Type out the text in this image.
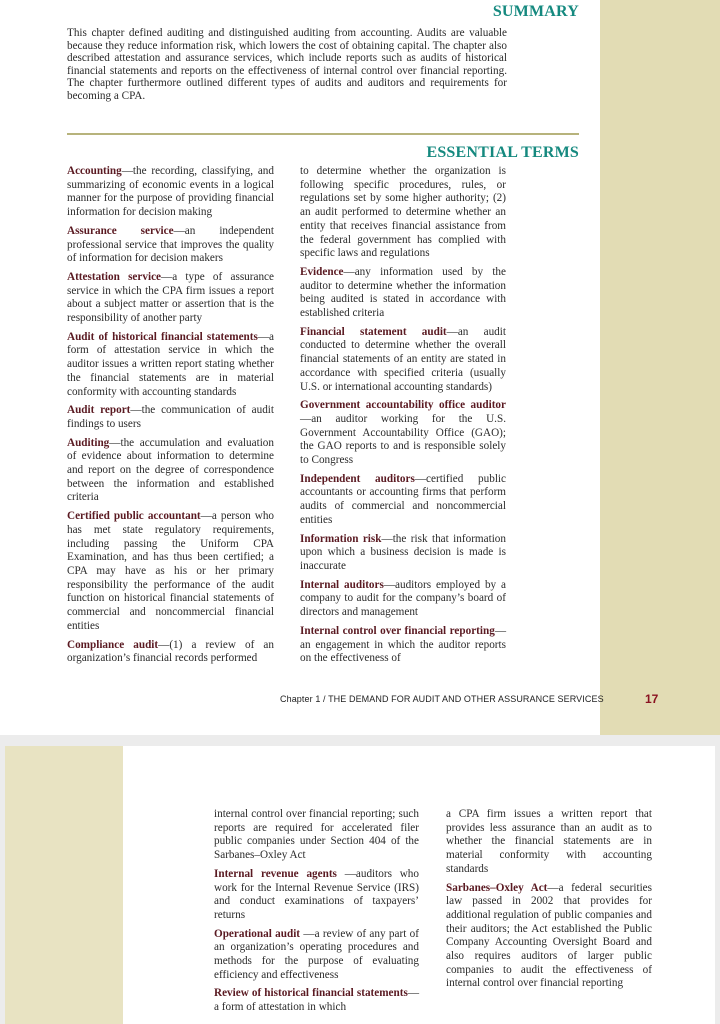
SUMMARY

This chapter defined auditing and distinguished auditing from accounting. Audits are valuable because they reduce information risk, which lowers the cost of obtaining capital. The chapter also described attestation and assurance services, which include reports such as audits of historical financial statements and reports on the effectiveness of internal control over financial reporting. The chapter furthermore outlined different types of audits and auditors and requirements for becoming a CPA.

ESSENTIAL TERMS

Accounting—the recording, classifying, and summarizing of economic events in a logical manner for the purpose of providing financial information for decision making

Assurance service—an independent professional service that improves the quality of information for decision makers

Attestation service—a type of assurance service in which the CPA firm issues a report about a subject matter or assertion that is the responsibility of another party

Audit of historical financial statements—a form of attestation service in which the auditor issues a written report stating whether the financial statements are in material conformity with accounting standards

Audit report—the communication of audit findings to users

Auditing—the accumulation and evaluation of evidence about information to determine and report on the degree of correspondence between the information and established criteria

Certified public accountant—a person who has met state regulatory requirements, including passing the Uniform CPA Examination, and has thus been certified; a CPA may have as his or her primary responsibility the performance of the audit function on historical financial statements of commercial and noncommercial financial entities

Compliance audit—(1) a review of an organization’s financial records performed

to determine whether the organization is following specific procedures, rules, or regulations set by some higher authority; (2) an audit performed to determine whether an entity that receives financial assistance from the federal government has complied with specific laws and regulations

Evidence—any information used by the auditor to determine whether the information being audited is stated in accordance with established criteria

Financial statement audit—an audit conducted to determine whether the overall financial statements of an entity are stated in accordance with specified criteria (usually U.S. or international accounting standards)

Government accountability office auditor—an auditor working for the U.S. Government Accountability Office (GAO); the GAO reports to and is responsible solely to Congress

Independent auditors—certified public accountants or accounting firms that perform audits of commercial and noncommercial entities

Information risk—the risk that information upon which a business decision is made is inaccurate

Internal auditors—auditors employed by a company to audit for the company’s board of directors and management

Internal control over financial reporting—an engagement in which the auditor reports on the effectiveness of

Chapter 1 / THE DEMAND FOR AUDIT AND OTHER ASSURANCE SERVICES	17

internal control over financial reporting; such reports are required for accelerated filer public companies under Section 404 of the Sarbanes–Oxley Act

Internal revenue agents —auditors who work for the Internal Revenue Service (IRS) and conduct examinations of taxpayers’ returns

Operational audit —a review of any part of an organization’s operating procedures and methods for the purpose of evaluating efficiency and effectiveness

Review of historical financial statements—a form of attestation in which

a CPA firm issues a written report that provides less assurance than an audit as to whether the financial statements are in material conformity with accounting standards

Sarbanes–Oxley Act—a federal securities law passed in 2002 that provides for additional regulation of public companies and their auditors; the Act established the Public Company Accounting Oversight Board and also requires auditors of larger public companies to audit the effectiveness of internal control over financial reporting
